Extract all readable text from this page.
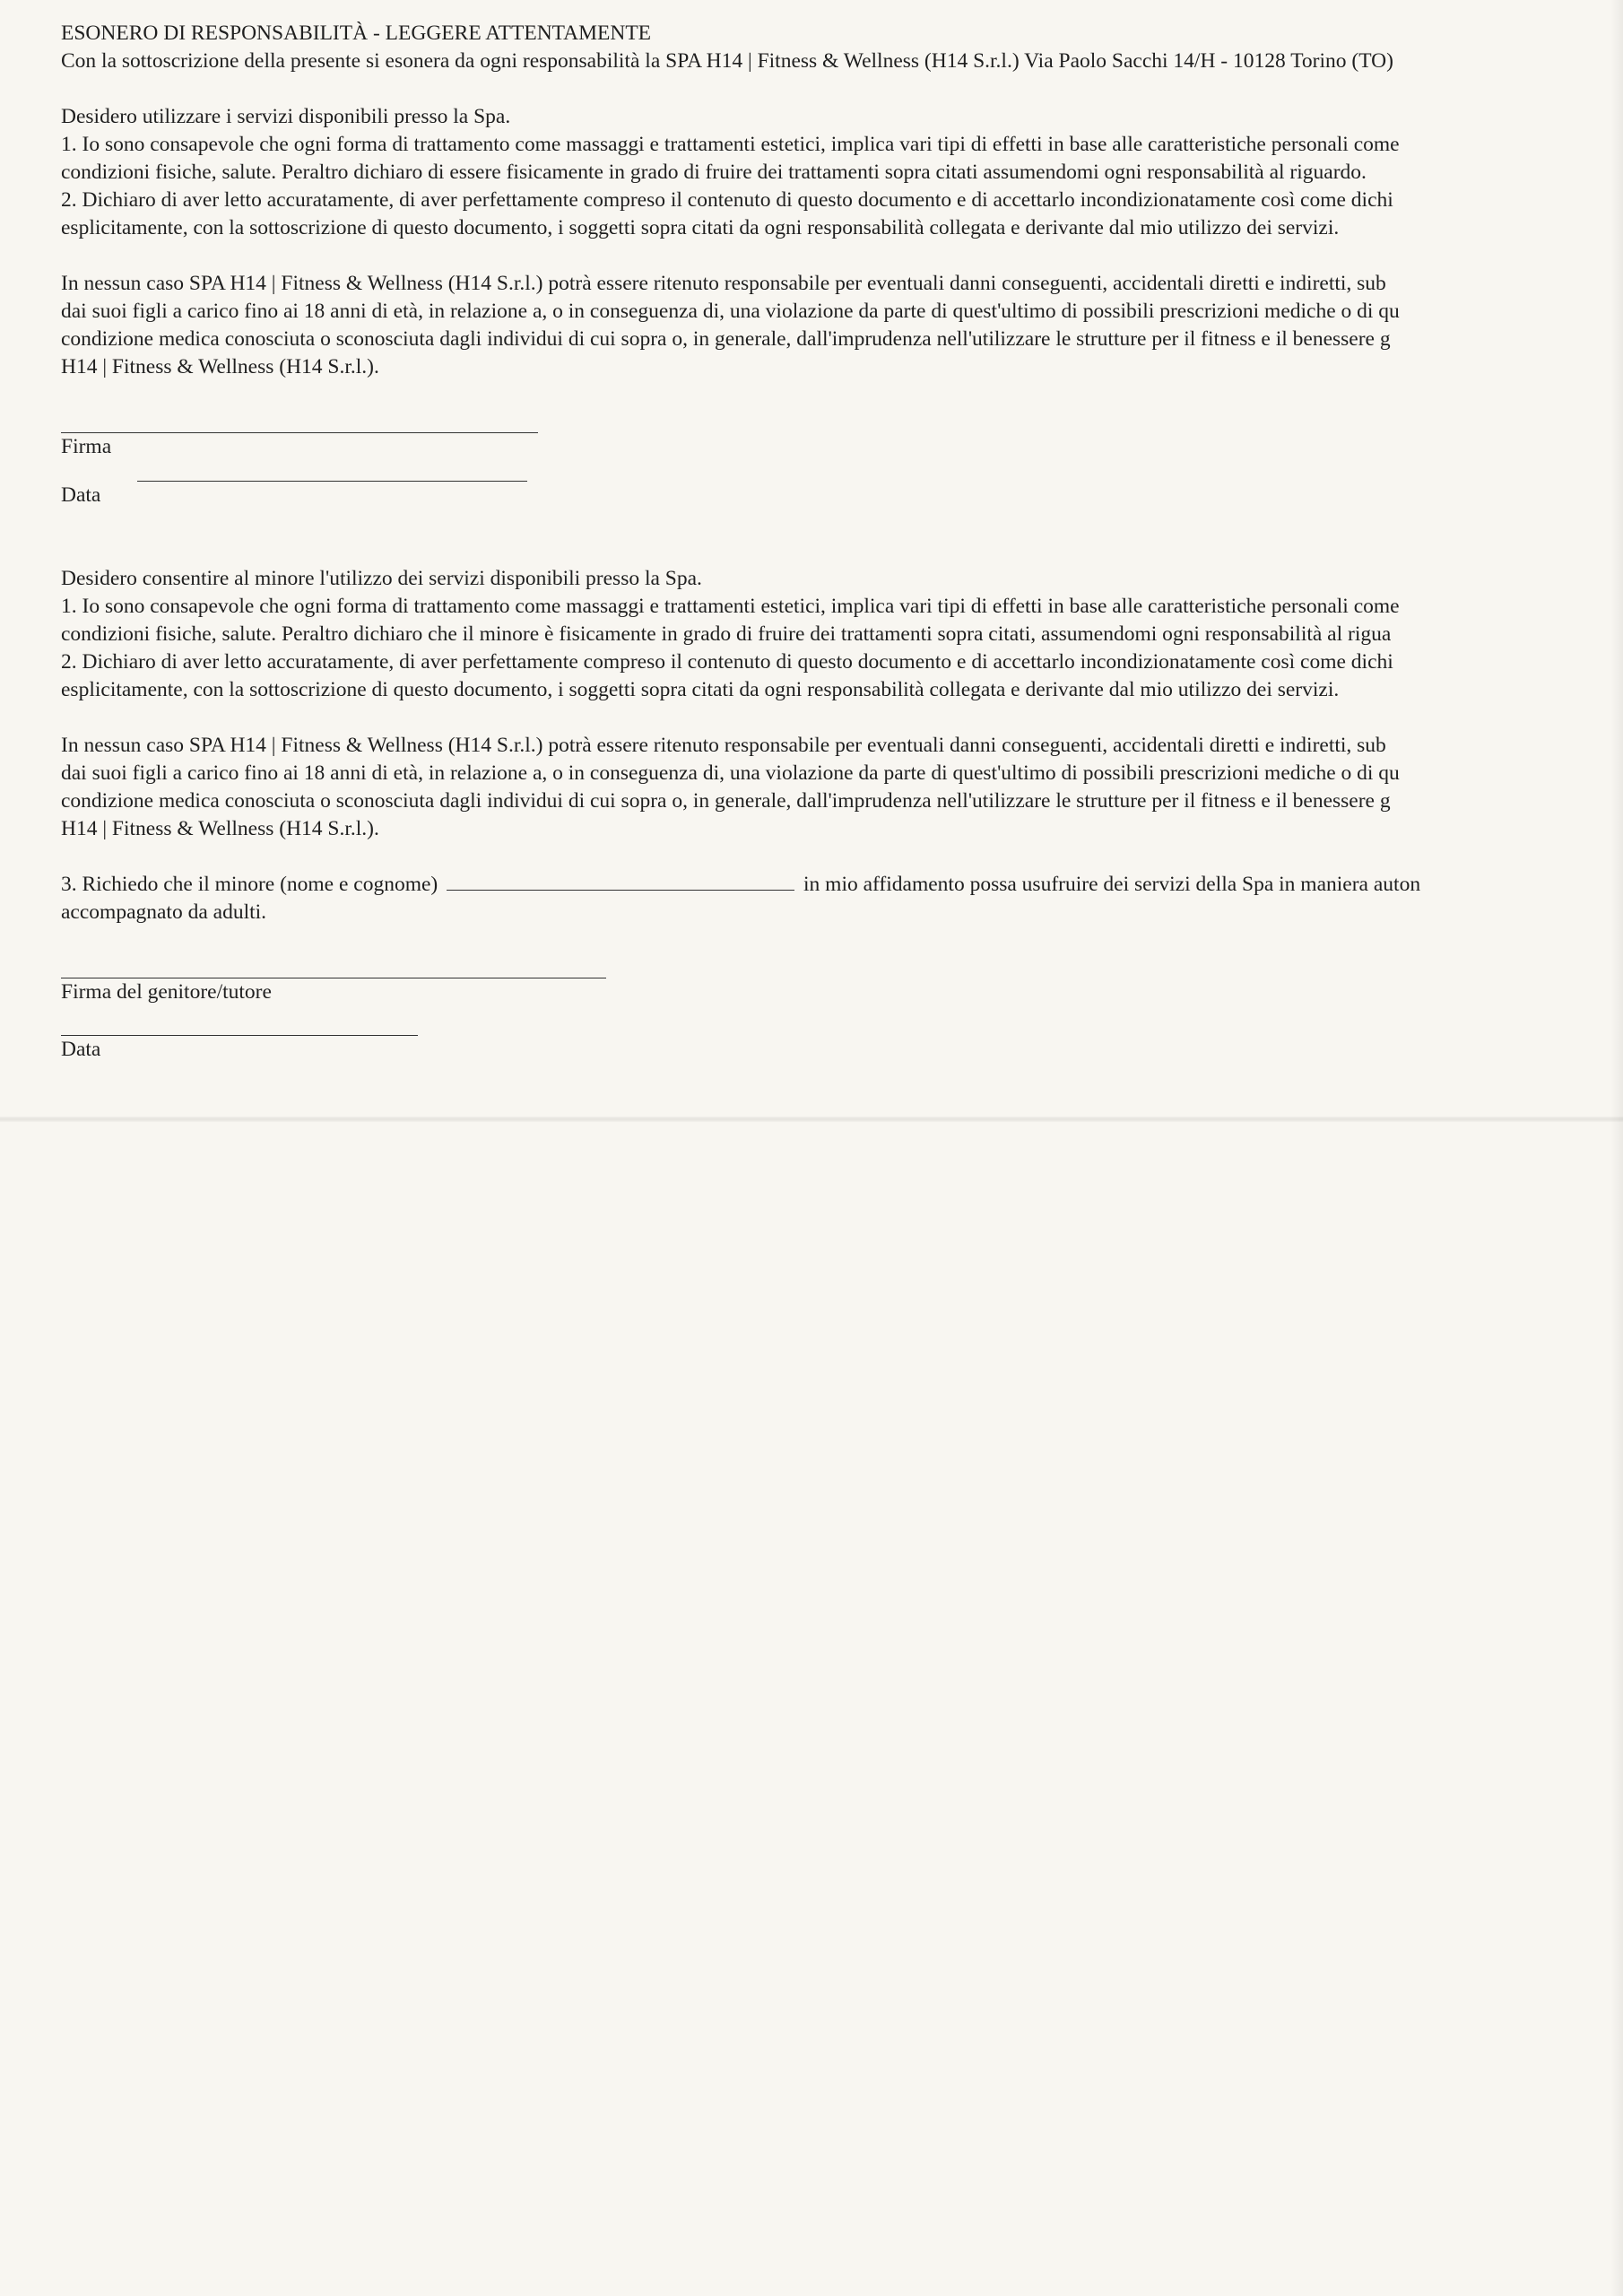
ESONERO DI RESPONSABILITÀ - LEGGERE ATTENTAMENTE
Con la sottoscrizione della presente si esonera da ogni responsabilità la SPA H14 | Fitness & Wellness (H14 S.r.l.) Via Paolo Sacchi 14/H - 10128 Torino (TO)
Desidero utilizzare i servizi disponibili presso la Spa.
1. Io sono consapevole che ogni forma di trattamento come massaggi e trattamenti estetici, implica vari tipi di effetti in base alle caratteristiche personali come
condizioni fisiche, salute. Peraltro dichiaro di essere fisicamente in grado di fruire dei trattamenti sopra citati assumendomi ogni responsabilità al riguardo.
2. Dichiaro di aver letto accuratamente, di aver perfettamente compreso il contenuto di questo documento e di accettarlo incondizionatamente così come dichi
esplicitamente, con la sottoscrizione di questo documento, i soggetti sopra citati da ogni responsabilità collegata e derivante dal mio utilizzo dei servizi.
In nessun caso SPA H14 | Fitness & Wellness (H14 S.r.l.) potrà essere ritenuto responsabile per eventuali danni conseguenti, accidentali diretti e indiretti, sub
dai suoi figli a carico fino ai 18 anni di età, in relazione a, o in conseguenza di, una violazione da parte di quest'ultimo di possibili prescrizioni mediche o di qu
condizione medica conosciuta o sconosciuta dagli individui di cui sopra o, in generale, dall'imprudenza nell'utilizzare le strutture per il fitness e il benessere g
H14 | Fitness & Wellness (H14 S.r.l.).
Firma
Data
Desidero consentire al minore l'utilizzo dei servizi disponibili presso la Spa.
1. Io sono consapevole che ogni forma di trattamento come massaggi e trattamenti estetici, implica vari tipi di effetti in base alle caratteristiche personali come
condizioni fisiche, salute. Peraltro dichiaro che il minore è fisicamente in grado di fruire dei trattamenti sopra citati, assumendomi ogni responsabilità al rigua
2. Dichiaro di aver letto accuratamente, di aver perfettamente compreso il contenuto di questo documento e di accettarlo incondizionatamente così come dichi
esplicitamente, con la sottoscrizione di questo documento, i soggetti sopra citati da ogni responsabilità collegata e derivante dal mio utilizzo dei servizi.
In nessun caso SPA H14 | Fitness & Wellness (H14 S.r.l.) potrà essere ritenuto responsabile per eventuali danni conseguenti, accidentali diretti e indiretti, sub
dai suoi figli a carico fino ai 18 anni di età, in relazione a, o in conseguenza di, una violazione da parte di quest'ultimo di possibili prescrizioni mediche o di qu
condizione medica conosciuta o sconosciuta dagli individui di cui sopra o, in generale, dall'imprudenza nell'utilizzare le strutture per il fitness e il benessere g
H14 | Fitness & Wellness (H14 S.r.l.).
3. Richiedo che il minore (nome e cognome)	in mio affidamento possa usufruire dei servizi della Spa in maniera auton
accompagnato da adulti.
Firma del genitore/tutore
Data
